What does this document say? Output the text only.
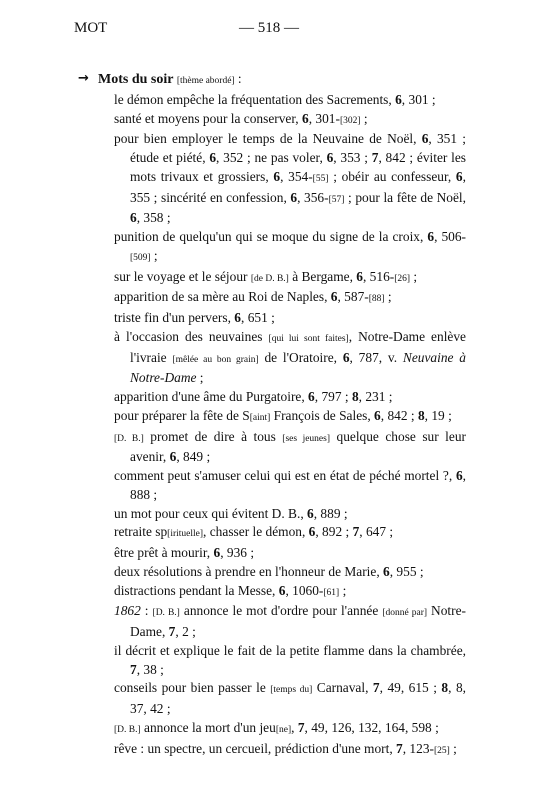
MOT	— 518 —
→ Mots du soir [thème abordé] :
le démon empêche la fréquentation des Sacrements, 6, 301 ;
santé et moyens pour la conserver, 6, 301-[302] ;
pour bien employer le temps de la Neuvaine de Noël, 6, 351 ; étude et piété, 6, 352 ; ne pas voler, 6, 353 ; 7, 842 ; éviter les mots trivaux et grossiers, 6, 354-[55] ; obéir au confesseur, 6, 355 ; sincérité en confession, 6, 356-[57] ; pour la fête de Noël, 6, 358 ;
punition de quelqu'un qui se moque du signe de la croix, 6, 506-[509] ;
sur le voyage et le séjour [de D. B.] à Bergame, 6, 516-[26] ;
apparition de sa mère au Roi de Naples, 6, 587-[88] ;
triste fin d'un pervers, 6, 651 ;
à l'occasion des neuvaines [qui lui sont faites], Notre-Dame enlève l'ivraie [mêlée au bon grain] de l'Oratoire, 6, 787, v. Neuvaine à Notre-Dame ;
apparition d'une âme du Purgatoire, 6, 797 ; 8, 231 ;
pour préparer la fête de S[aint] François de Sales, 6, 842 ; 8, 19 ;
[D. B.] promet de dire à tous [ses jeunes] quelque chose sur leur avenir, 6, 849 ;
comment peut s'amuser celui qui est en état de péché mortel ?, 6, 888 ;
un mot pour ceux qui évitent D. B., 6, 889 ;
retraite sp[irituelle], chasser le démon, 6, 892 ; 7, 647 ;
être prêt à mourir, 6, 936 ;
deux résolutions à prendre en l'honneur de Marie, 6, 955 ;
distractions pendant la Messe, 6, 1060-[61] ;
1862 : [D. B.] annonce le mot d'ordre pour l'année [donné par] Notre-Dame, 7, 2 ;
il décrit et explique le fait de la petite flamme dans la chambrée, 7, 38 ;
conseils pour bien passer le [temps du] Carnaval, 7, 49, 615 ; 8, 8, 37, 42 ;
[D. B.] annonce la mort d'un jeu[ne], 7, 49, 126, 132, 164, 598 ;
rêve : un spectre, un cercueil, prédiction d'une mort, 7, 123-[25] ;
